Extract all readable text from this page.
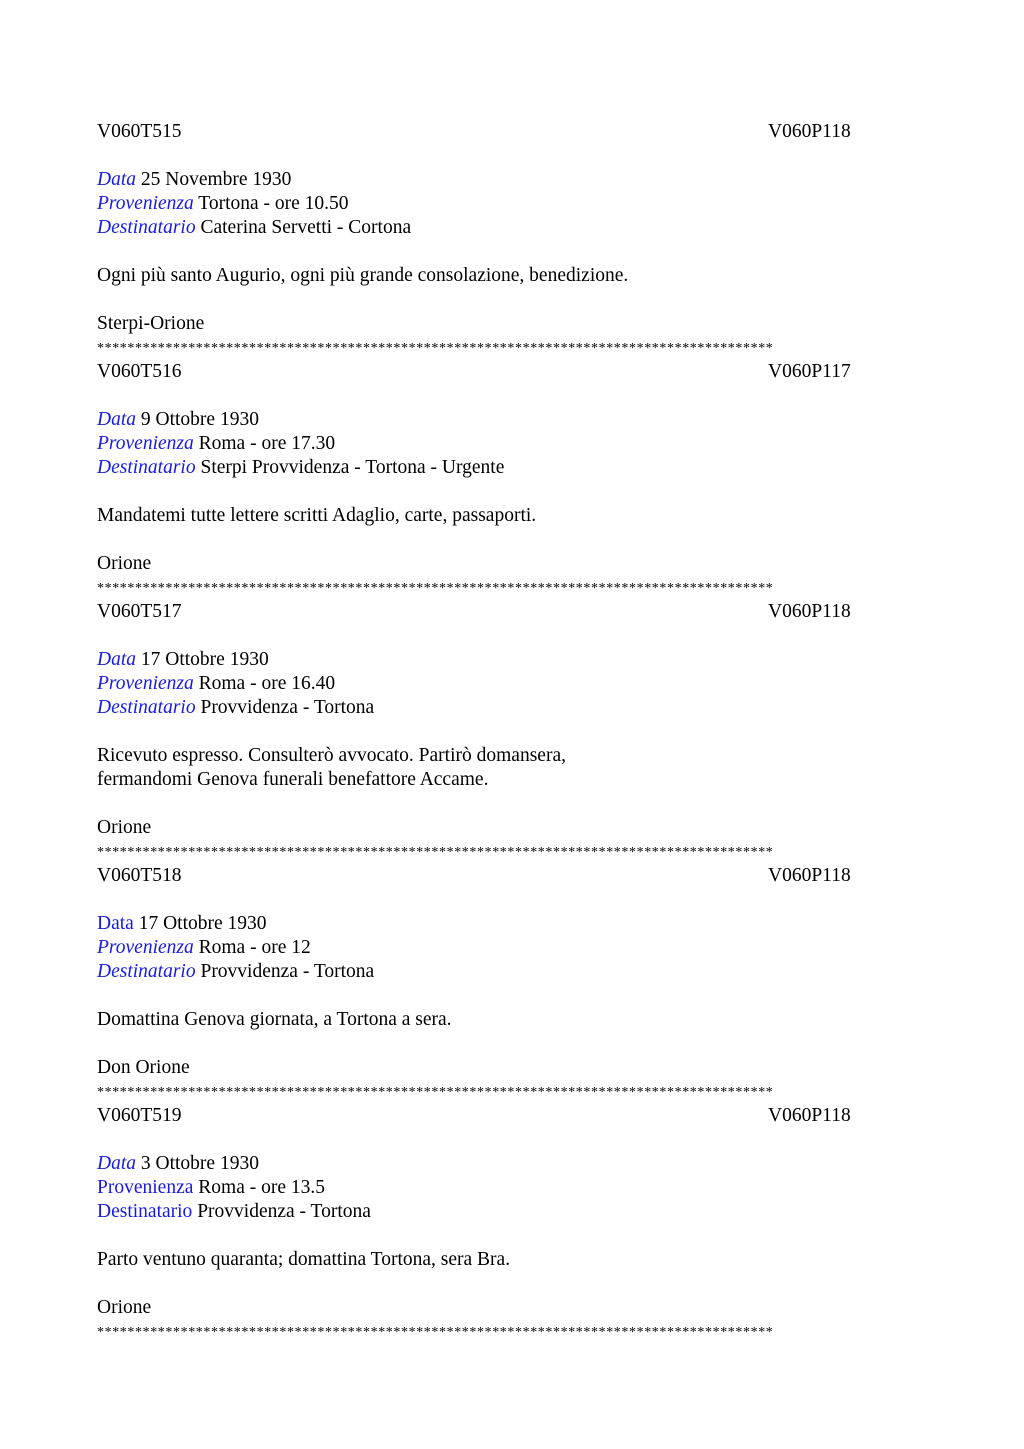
V060T515	V060P118
Data 25 Novembre 1930
Provenienza Tortona - ore 10.50
Destinatario Caterina Servetti - Cortona
Ogni più santo Augurio, ogni più grande consolazione, benedizione.
Sterpi-Orione
*****************************************************************************************
V060T516	V060P117
Data 9 Ottobre 1930
Provenienza Roma - ore 17.30
Destinatario Sterpi Provvidenza - Tortona - Urgente
Mandatemi tutte lettere scritti Adaglio, carte, passaporti.
Orione
*****************************************************************************************
V060T517	V060P118
Data 17 Ottobre 1930
Provenienza Roma - ore 16.40
Destinatario Provvidenza - Tortona
Ricevuto espresso. Consulterò avvocato. Partirò domansera,
fermandomi Genova funerali benefattore Accame.
Orione
*****************************************************************************************
V060T518	V060P118
Data 17 Ottobre 1930
Provenienza Roma - ore 12
Destinatario Provvidenza - Tortona
Domattina Genova giornata, a Tortona a sera.
Don Orione
*****************************************************************************************
V060T519	V060P118
Data 3 Ottobre 1930
Provenienza Roma - ore 13.5
Destinatario Provvidenza - Tortona
Parto ventuno quaranta; domattina Tortona, sera Bra.
Orione
*****************************************************************************************
